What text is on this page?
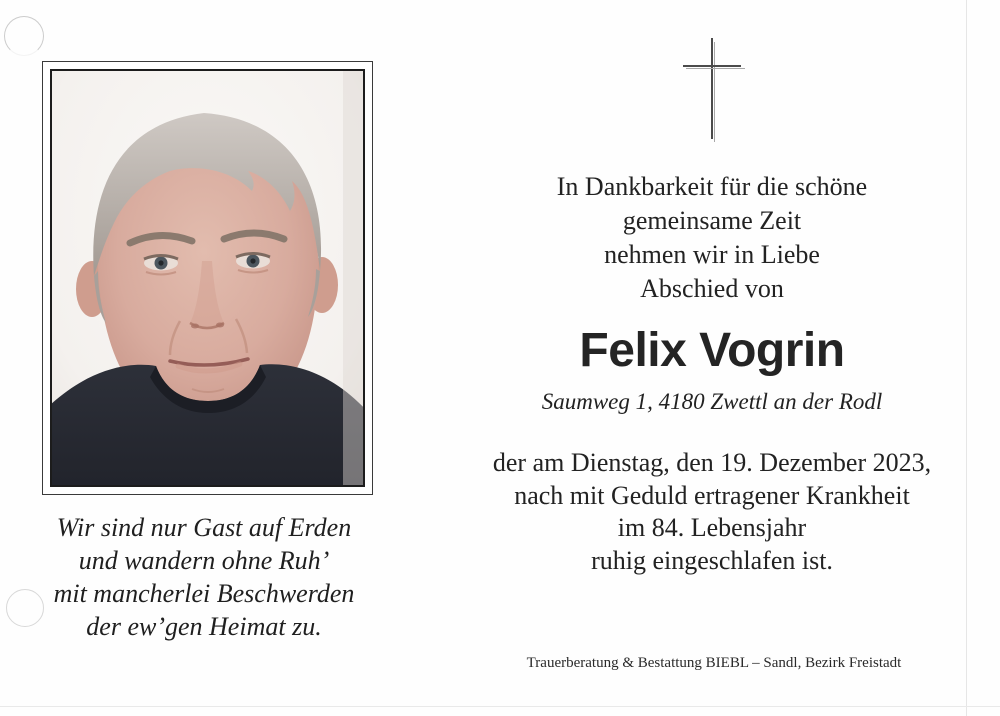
In Dankbarkeit für die schöne
gemeinsame Zeit
nehmen wir in Liebe
Abschied von
Felix Vogrin
Saumweg 1, 4180 Zwettl an der Rodl
der am Dienstag, den 19. Dezember 2023,
nach mit Geduld ertragener Krankheit
im 84. Lebensjahr
ruhig eingeschlafen ist.
Wir sind nur Gast auf Erden
und wandern ohne Ruh’
mit mancherlei Beschwerden
der ew’gen Heimat zu.
Trauerberatung & Bestattung BIEBL – Sandl, Bezirk Freistadt
